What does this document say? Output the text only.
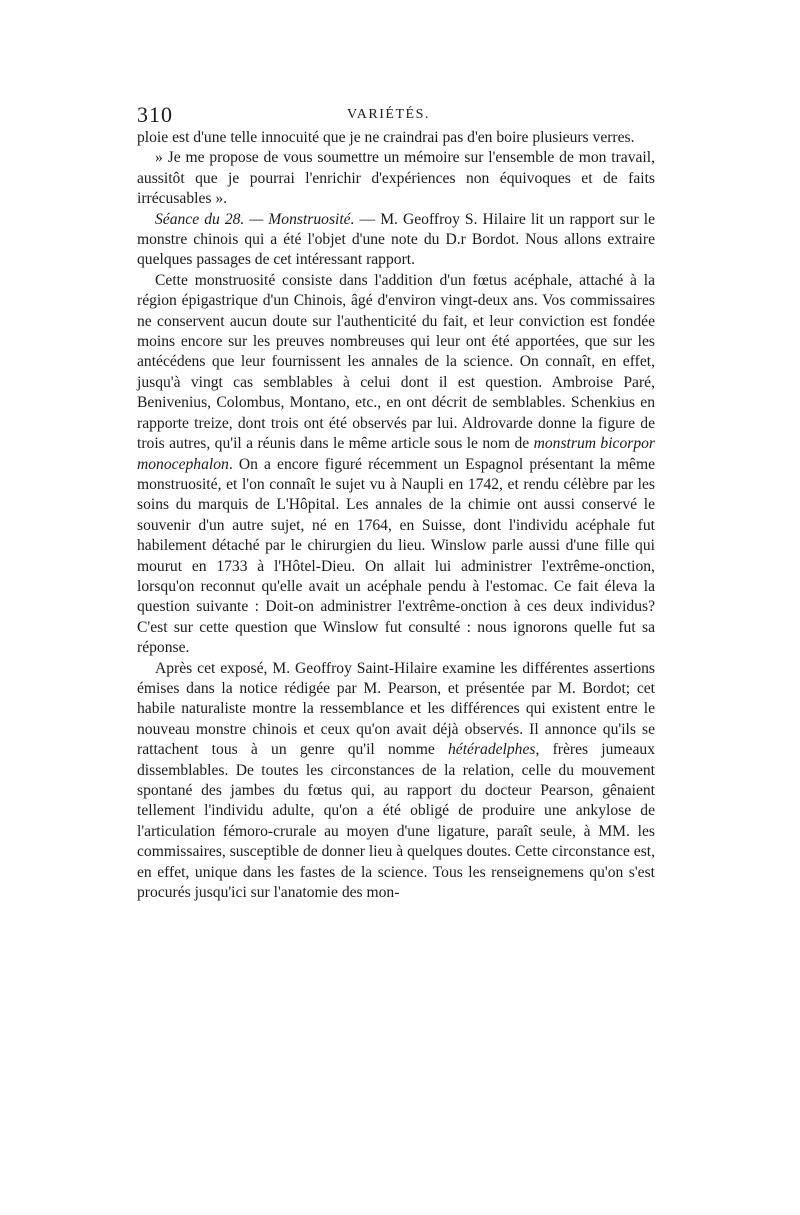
310	VARIÉTÉS.

ploie est d'une telle innocuité que je ne craindrai pas d'en boire plusieurs verres.

» Je me propose de vous soumettre un mémoire sur l'ensemble de mon travail, aussitôt que je pourrai l'enrichir d'expériences non équivoques et de faits irrécusables ».

Séance du 28. — Monstruosité. — M. Geoffroy S. Hilaire lit un rapport sur le monstre chinois qui a été l'objet d'une note du D.r Bordot. Nous allons extraire quelques passages de cet intéressant rapport.

Cette monstruosité consiste dans l'addition d'un fœtus acéphale, attaché à la région épigastrique d'un Chinois, âgé d'environ vingt-deux ans. Vos commissaires ne conservent aucun doute sur l'authenticité du fait, et leur conviction est fondée moins encore sur les preuves nombreuses qui leur ont été apportées, que sur les antécédens que leur fournissent les annales de la science. On connaît, en effet, jusqu'à vingt cas semblables à celui dont il est question. Ambroise Paré, Benivenius, Colombus, Montano, etc., en ont décrit de semblables. Schenkius en rapporte treize, dont trois ont été observés par lui. Aldrovarde donne la figure de trois autres, qu'il a réunis dans le même article sous le nom de monstrum bicorpor monocephalon. On a encore figuré récemment un Espagnol présentant la même monstruosité, et l'on connaît le sujet vu à Naupli en 1742, et rendu célèbre par les soins du marquis de L'Hôpital. Les annales de la chimie ont aussi conservé le souvenir d'un autre sujet, né en 1764, en Suisse, dont l'individu acéphale fut habilement détaché par le chirurgien du lieu. Winslow parle aussi d'une fille qui mourut en 1733 à l'Hôtel-Dieu. On allait lui administrer l'extrême-onction, lorsqu'on reconnut qu'elle avait un acéphale pendu à l'estomac. Ce fait éleva la question suivante : Doit-on administrer l'extrême-onction à ces deux individus? C'est sur cette question que Winslow fut consulté : nous ignorons quelle fut sa réponse.

Après cet exposé, M. Geoffroy Saint-Hilaire examine les différentes assertions émises dans la notice rédigée par M. Pearson, et présentée par M. Bordot; cet habile naturaliste montre la ressemblance et les différences qui existent entre le nouveau monstre chinois et ceux qu'on avait déjà observés. Il annonce qu'ils se rattachent tous à un genre qu'il nomme hétéradelphes, frères jumeaux dissemblables. De toutes les circonstances de la relation, celle du mouvement spontané des jambes du fœtus qui, au rapport du docteur Pearson, gênaient tellement l'individu adulte, qu'on a été obligé de produire une ankylose de l'articulation fémoro-crurale au moyen d'une ligature, paraît seule, à MM. les commissaires, susceptible de donner lieu à quelques doutes. Cette circonstance est, en effet, unique dans les fastes de la science. Tous les renseignemens qu'on s'est procurés jusqu'ici sur l'anatomie des mon-
